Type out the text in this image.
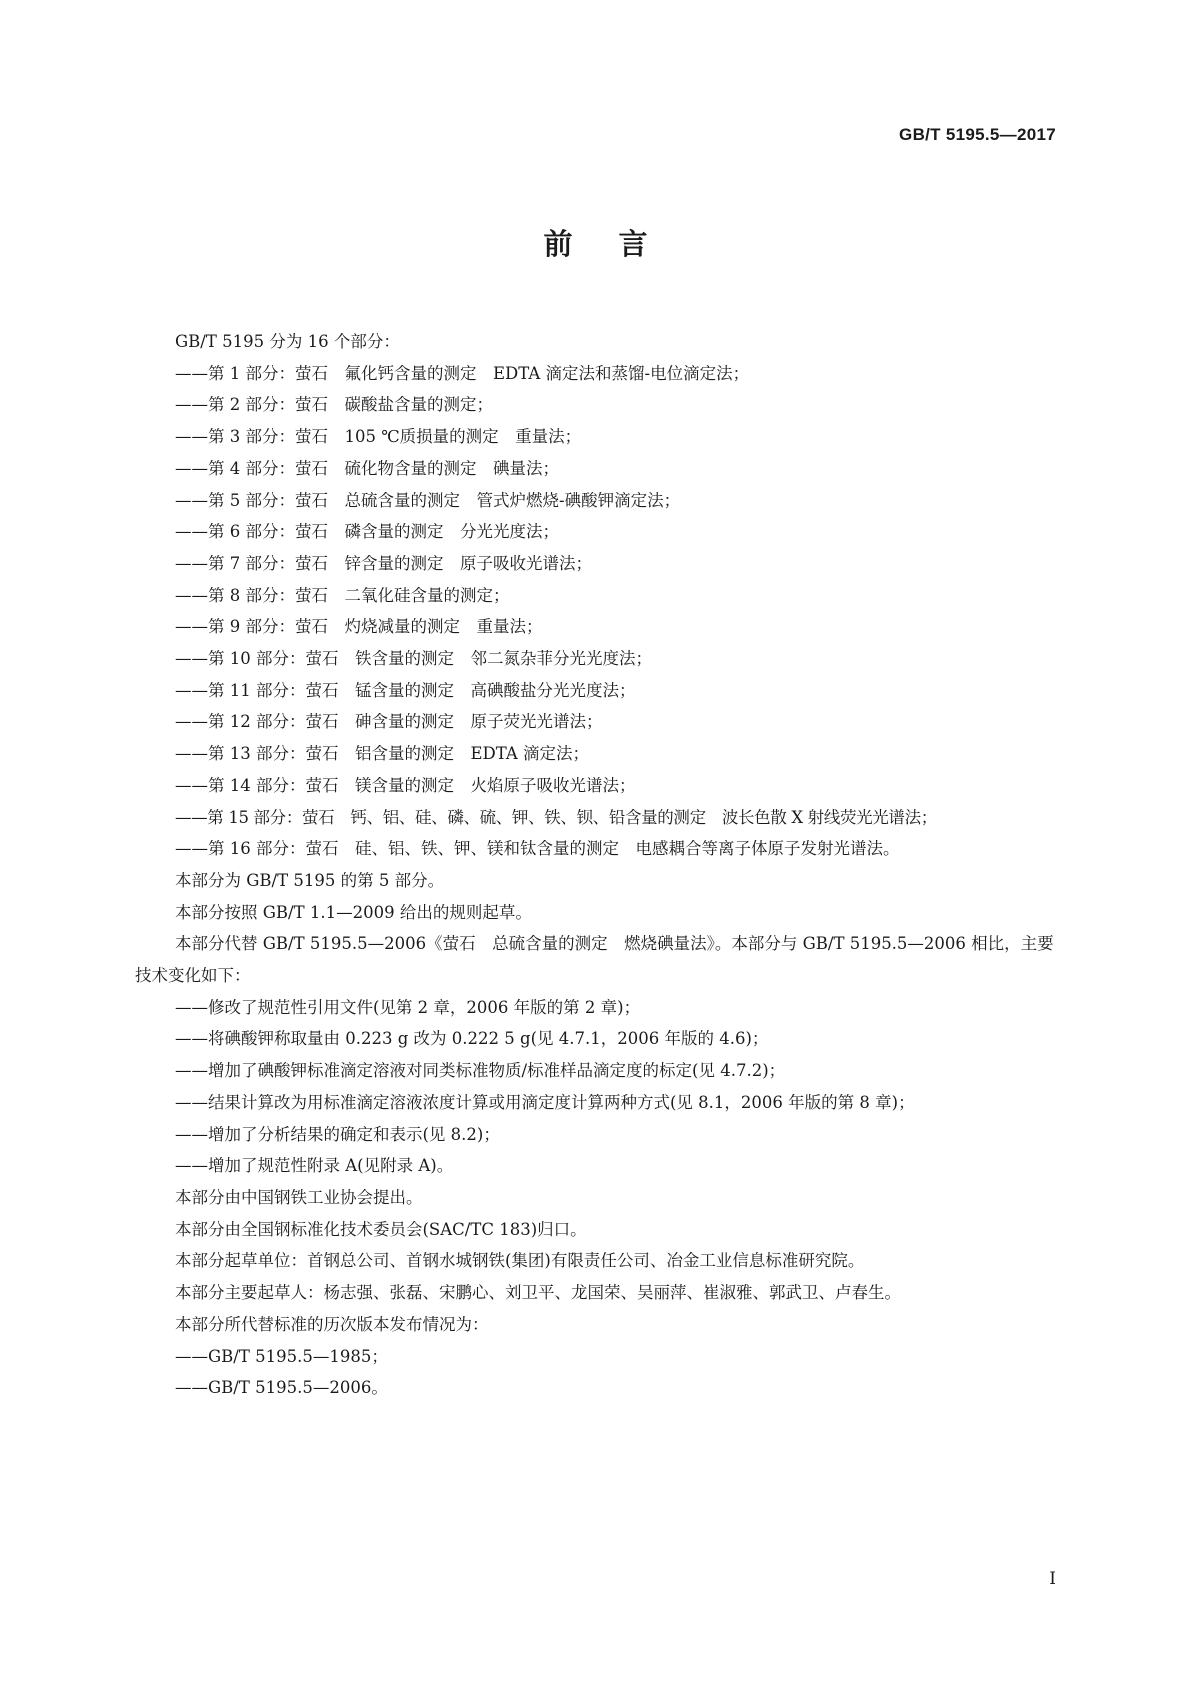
GB/T 5195.5—2017
前言

GB/T 5195 分为 16 个部分：

——第 1 部分：萤石　氟化钙含量的测定　EDTA 滴定法和蒸馏-电位滴定法；

——第 2 部分：萤石　碳酸盐含量的测定；

——第 3 部分：萤石　105 ℃质损量的测定　重量法；

——第 4 部分：萤石　硫化物含量的测定　碘量法；

——第 5 部分：萤石　总硫含量的测定　管式炉燃烧-碘酸钾滴定法；

——第 6 部分：萤石　磷含量的测定　分光光度法；

——第 7 部分：萤石　锌含量的测定　原子吸收光谱法；

——第 8 部分：萤石　二氧化硅含量的测定；

——第 9 部分：萤石　灼烧减量的测定　重量法；

——第 10 部分：萤石　铁含量的测定　邻二氮杂菲分光光度法；

——第 11 部分：萤石　锰含量的测定　高碘酸盐分光光度法；

——第 12 部分：萤石　砷含量的测定　原子荧光光谱法；

——第 13 部分：萤石　铝含量的测定　EDTA 滴定法；

——第 14 部分：萤石　镁含量的测定　火焰原子吸收光谱法；

——第 15 部分：萤石　钙、铝、硅、磷、硫、钾、铁、钡、铅含量的测定　波长色散 X 射线荧光光谱法；

——第 16 部分：萤石　硅、铝、铁、钾、镁和钛含量的测定　电感耦合等离子体原子发射光谱法。

本部分为 GB/T 5195 的第 5 部分。

本部分按照 GB/T 1.1—2009 给出的规则起草。

本部分代替 GB/T 5195.5—2006《萤石　总硫含量的测定　燃烧碘量法》。本部分与 GB/T 5195.5—2006 相比，主要技术变化如下：

——修改了规范性引用文件(见第 2 章，2006 年版的第 2 章)；

——将碘酸钾称取量由 0.223 g 改为 0.222 5 g(见 4.7.1，2006 年版的 4.6)；

——增加了碘酸钾标准滴定溶液对同类标准物质/标准样品滴定度的标定(见 4.7.2)；

——结果计算改为用标准滴定溶液浓度计算或用滴定度计算两种方式(见 8.1，2006 年版的第 8 章)；

——增加了分析结果的确定和表示(见 8.2)；

——增加了规范性附录 A(见附录 A)。

本部分由中国钢铁工业协会提出。

本部分由全国钢标准化技术委员会(SAC/TC 183)归口。

本部分起草单位：首钢总公司、首钢水城钢铁(集团)有限责任公司、冶金工业信息标准研究院。

本部分主要起草人：杨志强、张磊、宋鹏心、刘卫平、龙国荣、吴丽萍、崔淑雅、郭武卫、卢春生。

本部分所代替标准的历次版本发布情况为：

——GB/T 5195.5—1985；

——GB/T 5195.5—2006。

I
